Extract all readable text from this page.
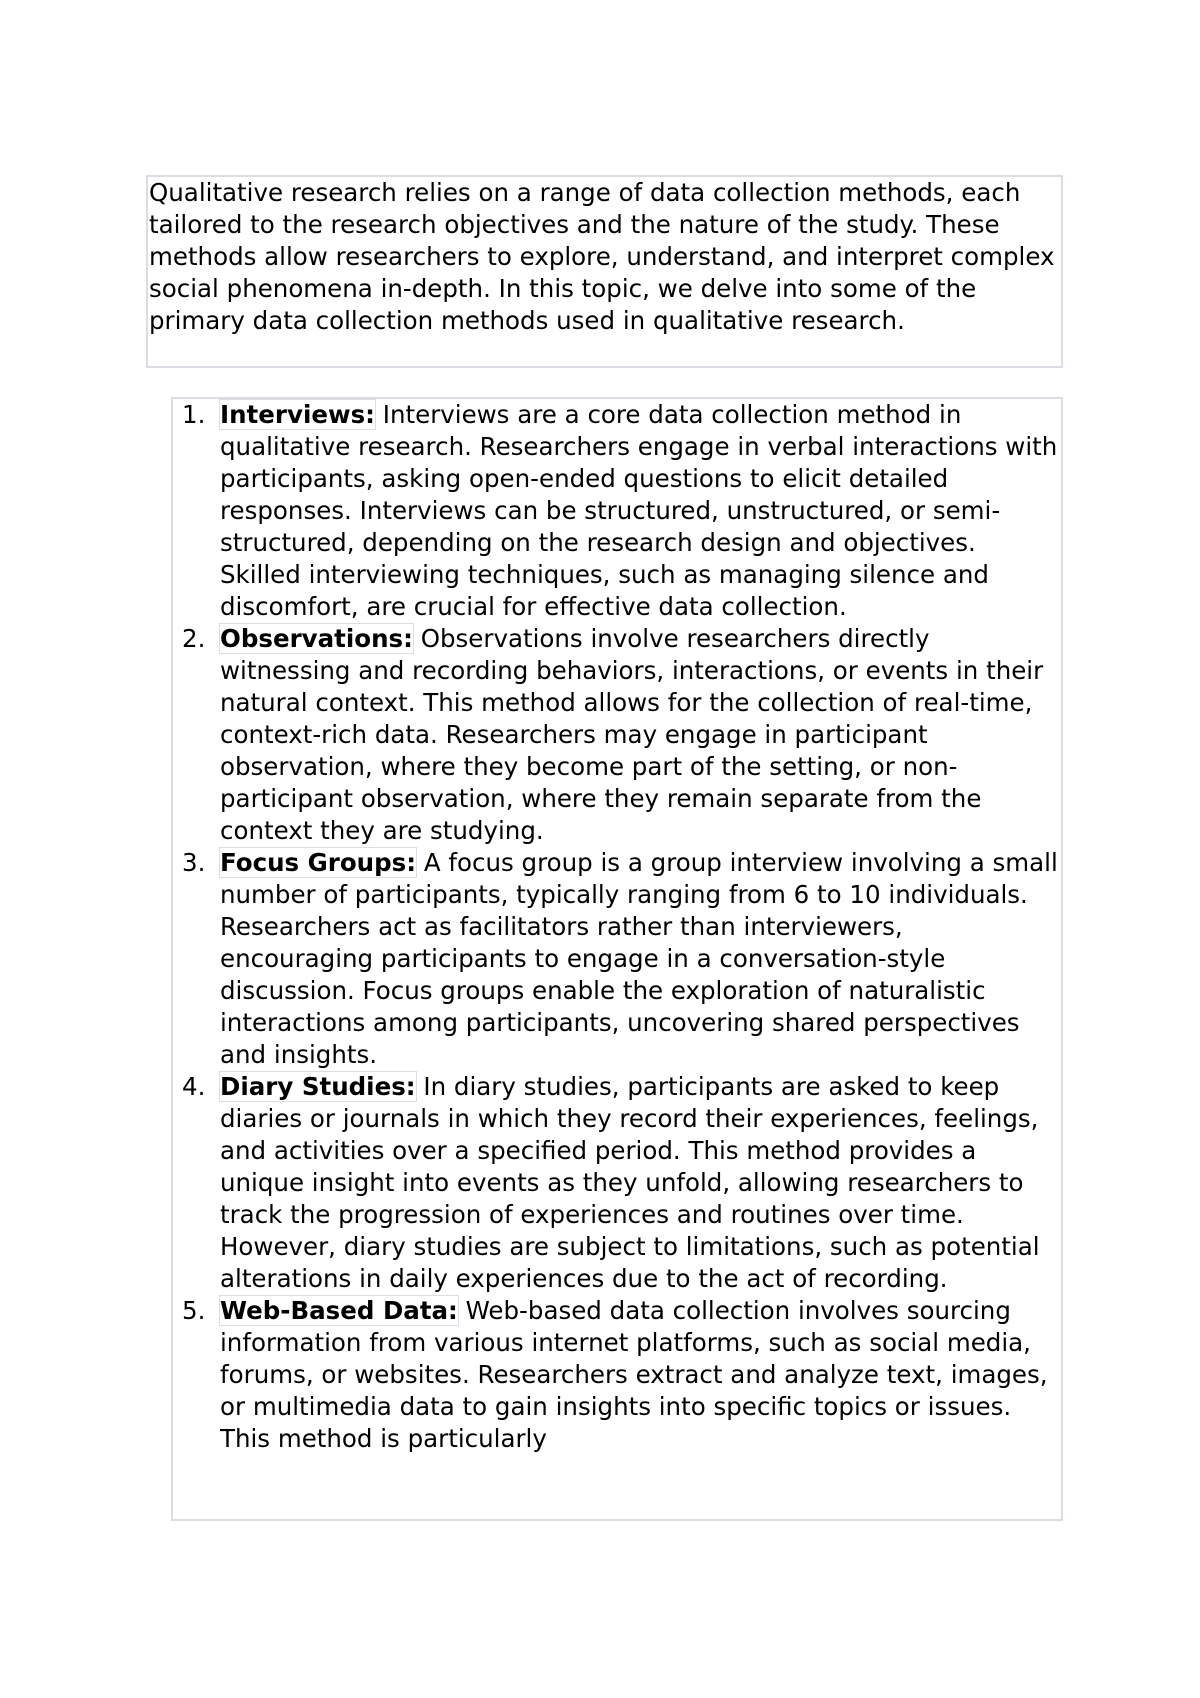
Qualitative research relies on a range of data collection methods, each tailored to the research objectives and the nature of the study. These methods allow researchers to explore, understand, and interpret complex social phenomena in-depth. In this topic, we delve into some of the primary data collection methods used in qualitative research.

1. Interviews: Interviews are a core data collection method in qualitative research. Researchers engage in verbal interactions with participants, asking open-ended questions to elicit detailed responses. Interviews can be structured, unstructured, or semi-structured, depending on the research design and objectives. Skilled interviewing techniques, such as managing silence and discomfort, are crucial for effective data collection.
2. Observations: Observations involve researchers directly witnessing and recording behaviors, interactions, or events in their natural context. This method allows for the collection of real-time, context-rich data. Researchers may engage in participant observation, where they become part of the setting, or non-participant observation, where they remain separate from the context they are studying.
3. Focus Groups: A focus group is a group interview involving a small number of participants, typically ranging from 6 to 10 individuals. Researchers act as facilitators rather than interviewers, encouraging participants to engage in a conversation-style discussion. Focus groups enable the exploration of naturalistic interactions among participants, uncovering shared perspectives and insights.
4. Diary Studies: In diary studies, participants are asked to keep diaries or journals in which they record their experiences, feelings, and activities over a specified period. This method provides a unique insight into events as they unfold, allowing researchers to track the progression of experiences and routines over time. However, diary studies are subject to limitations, such as potential alterations in daily experiences due to the act of recording.
5. Web-Based Data: Web-based data collection involves sourcing information from various internet platforms, such as social media, forums, or websites. Researchers extract and analyze text, images, or multimedia data to gain insights into specific topics or issues. This method is particularly
